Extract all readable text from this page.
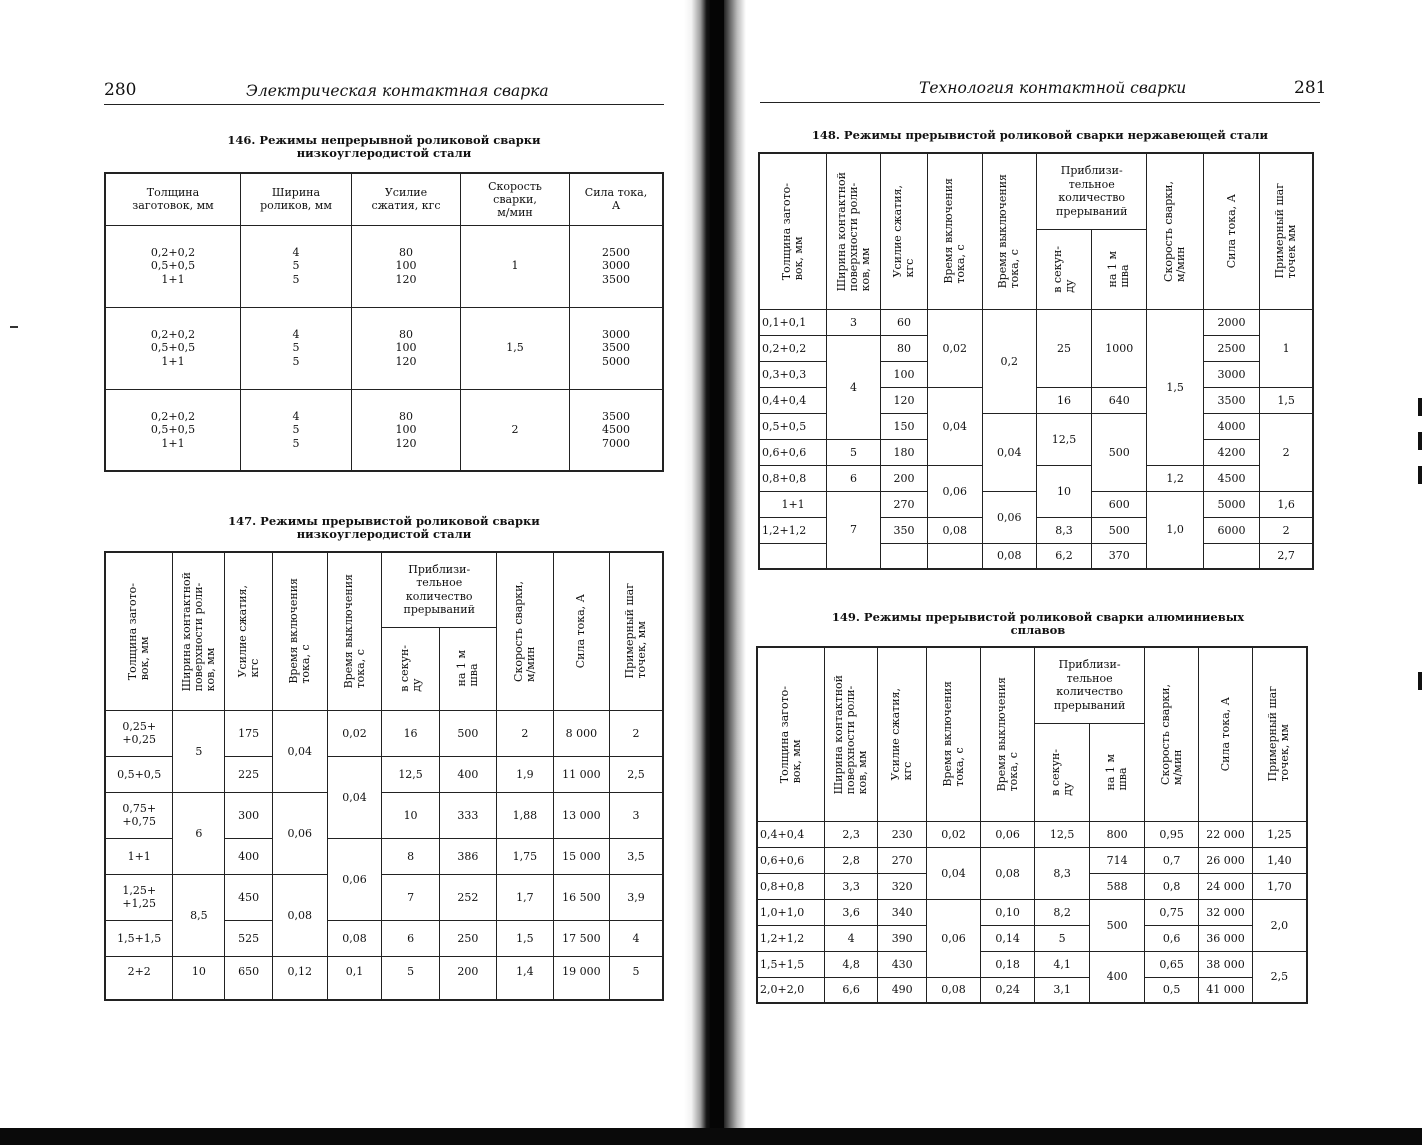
280	Электрическая контактная сварка
146. Режимы непрерывной роликовой сварки
низкоуглеродистой стали
Толщина
заготовок, мм	Ширина
роликов, мм	Усилие
сжатия, кгс	Скорость
сварки,
м/мин	Сила тока,
А
0,2+0,2
0,5+0,5
1+1	4
5
5	80
100
120	1	2500
3000
3500
0,2+0,2
0,5+0,5
1+1	4
5
5	80
100
120	1,5	3000
3500
5000
0,2+0,2
0,5+0,5
1+1	4
5
5	80
100
120	2	3500
4500
7000
147. Режимы прерывистой роликовой сварки
низкоуглеродистой стали
Толщина загото-
вок, мм	Ширина контактной
поверхности роли-
ков, мм	Усилие сжатия,
кгс	Время включения
тока, с	Время выключения
тока, с	Приблизи-
тельное
количество
прерываний		Скорость сварки,
м/мин	Сила тока, А	Примерный шаг
точек, мм

					в секун-
ду	на 1 м
шва			

0,25+
+0,25	5	175	0,04	0,02	16	500	2	8 000	2
0,5+0,5		225		0,04	12,5	400	1,9	11 000	2,5
0,75+
+0,75	6	300	0,06		10	333	1,88	13 000	3
1+1		400		0,06	8	386	1,75	15 000	3,5
1,25+
+1,25	8,5	450	0,08		7	252	1,7	16 500	3,9
1,5+1,5		525		0,08	6	250	1,5	17 500	4
2+2	10	650	0,12	0,1	5	200	1,4	19 000	5
Технология контактной сварки	281
148. Режимы прерывистой роликовой сварки нержавеющей стали
Толщина загото-
вок, мм	Ширина контактной
поверхности роли-
ков, мм	Усилие сжатия,
кгс	Время включения
тока, с	Время выключения
тока, с	Приблизи-
тельное
количество
прерываний		Скорость сварки,
м/мин	Сила тока, А	Примерный шаг
точек мм

					в секун-
ду	на 1 м
шва			

0,1+0,1	3	60	0,02	0,2	25	1000	1,5	2000	1
0,2+0,2	4	80						2500	
0,3+0,3		100						3000	
0,4+0,4		120	0,04		16	640		3500	1,5
0,5+0,5		150		0,04	12,5	500		4000	2
0,6+0,6	5	180						4200	
0,8+0,8	6	200	0,06		10		1,2	4500	
1+1	7	270		0,06		600	1,0	5000	1,6
1,2+1,2		350	0,08		8,3	500		6000	2
				0,08	6,2	370			2,7
149. Режимы прерывистой роликовой сварки алюминиевых
сплавов
Толщина загото-
вок, мм	Ширина контактной
поверхности роли-
ков, мм	Усилие сжатия,
кгс	Время включения
тока, с	Время выключения
тока, с	Приблизи-
тельное
количество
прерываний		Скорость сварки,
м/мин	Сила тока, А	Примерный шаг
точек, мм

					в секун-
ду	на 1 м
шва			

0,4+0,4	2,3	230	0,02	0,06	12,5	800	0,95	22 000	1,25
0,6+0,6	2,8	270	0,04	0,08	8,3	714	0,7	26 000	1,40
0,8+0,8	3,3	320				588	0,8	24 000	1,70
1,0+1,0	3,6	340	0,06	0,10	8,2	500	0,75	32 000	2,0
1,2+1,2	4	390		0,14	5		0,6	36 000	
1,5+1,5	4,8	430		0,18	4,1	400	0,65	38 000	2,5
2,0+2,0	6,6	490	0,08	0,24	3,1		0,5	41 000	
